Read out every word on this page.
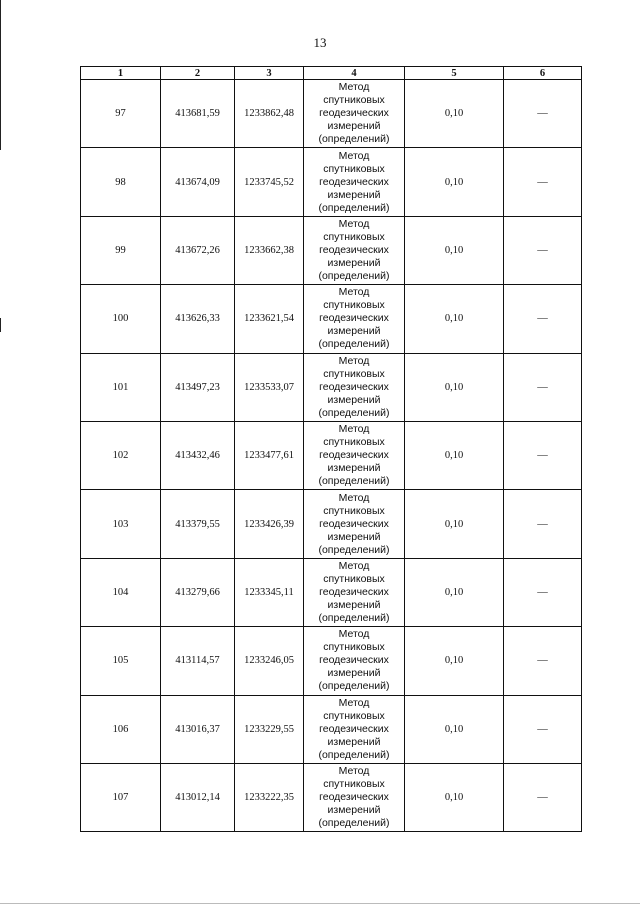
13
1	2	3	4	5	6
97	413681,59	1233862,48	Метод
спутниковых
геодезических
измерений
(определений)	0,10	—
98	413674,09	1233745,52	Метод
спутниковых
геодезических
измерений
(определений)	0,10	—
99	413672,26	1233662,38	Метод
спутниковых
геодезических
измерений
(определений)	0,10	—
100	413626,33	1233621,54	Метод
спутниковых
геодезических
измерений
(определений)	0,10	—
101	413497,23	1233533,07	Метод
спутниковых
геодезических
измерений
(определений)	0,10	—
102	413432,46	1233477,61	Метод
спутниковых
геодезических
измерений
(определений)	0,10	—
103	413379,55	1233426,39	Метод
спутниковых
геодезических
измерений
(определений)	0,10	—
104	413279,66	1233345,11	Метод
спутниковых
геодезических
измерений
(определений)	0,10	—
105	413114,57	1233246,05	Метод
спутниковых
геодезических
измерений
(определений)	0,10	—
106	413016,37	1233229,55	Метод
спутниковых
геодезических
измерений
(определений)	0,10	—
107	413012,14	1233222,35	Метод
спутниковых
геодезических
измерений
(определений)	0,10	—
